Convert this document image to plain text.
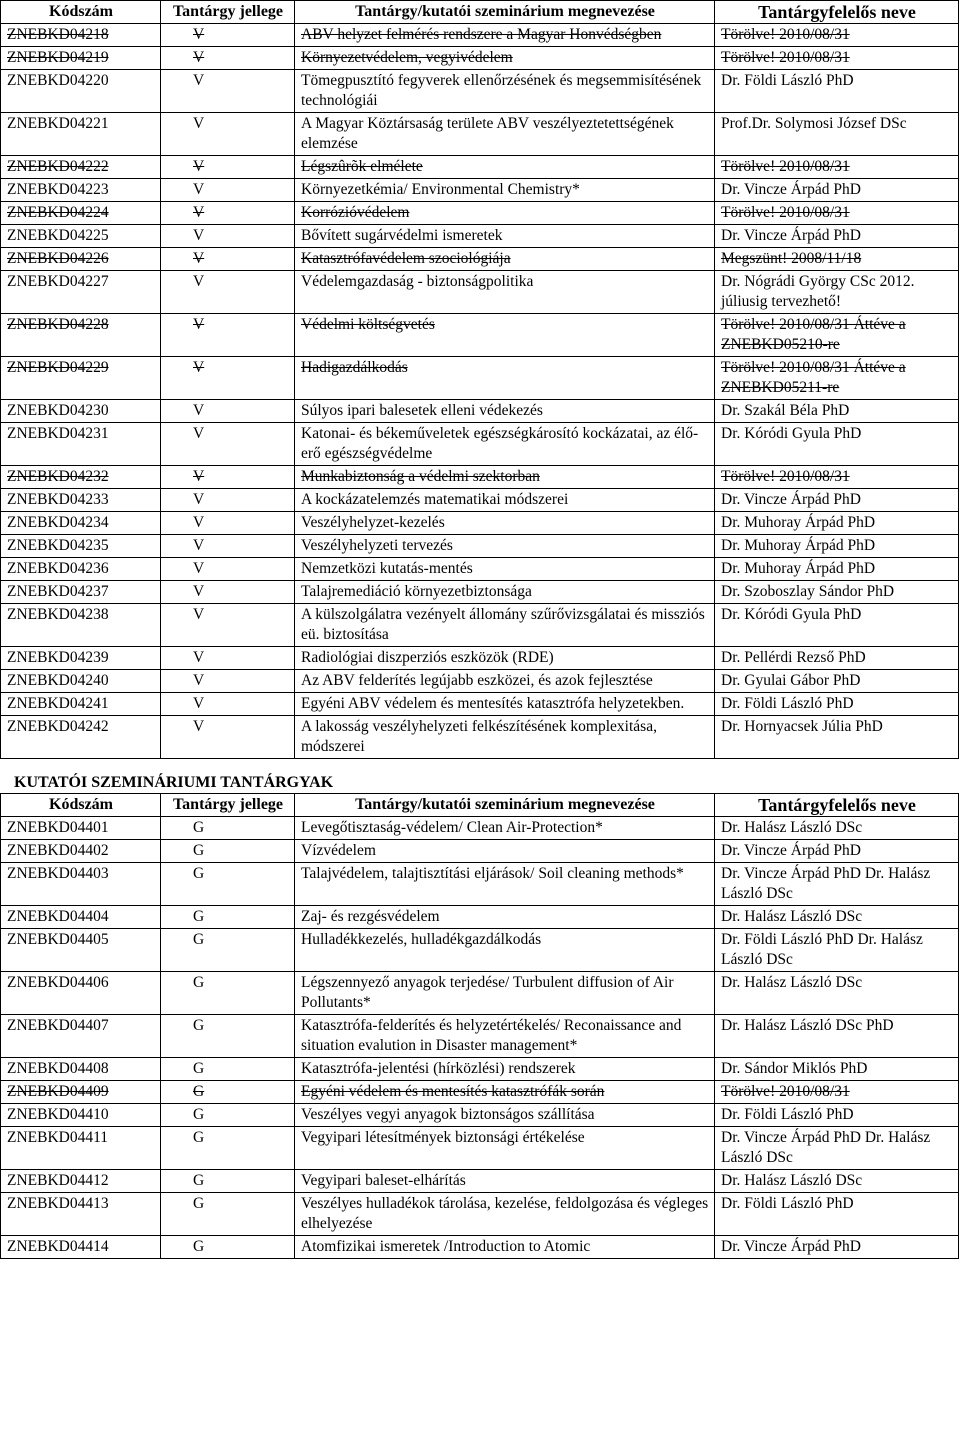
Kódszám	Tantárgy jellege	Tantárgy/kutatói szeminárium megnevezése	Tantárgyfelelős neve
ZNEBKD04218	V	ABV helyzet felmérés rendszere a Magyar Honvédségben	Törölve! 2010/08/31
ZNEBKD04219	V	Környezetvédelem, vegyivédelem	Törölve! 2010/08/31
ZNEBKD04220	V	Tömegpusztító fegyverek ellenőrzésének és megsemmisítésének technológiái	Dr. Földi László PhD
ZNEBKD04221	V	A Magyar Köztársaság területe ABV veszélyeztetettségének elemzése	Prof.Dr. Solymosi József DSc
ZNEBKD04222	V	Légszûrõk elmélete	Törölve! 2010/08/31
ZNEBKD04223	V	Környezetkémia/ Environmental Chemistry*	Dr. Vincze Árpád PhD
ZNEBKD04224	V	Korrózióvédelem	Törölve! 2010/08/31
ZNEBKD04225	V	Bővített sugárvédelmi ismeretek	Dr. Vincze Árpád PhD
ZNEBKD04226	V	Katasztrófavédelem szociológiája	Megszünt! 2008/11/18
ZNEBKD04227	V	Védelemgazdaság - biztonságpolitika	Dr. Nógrádi György CSc 2012. júliusig tervezhető!
ZNEBKD04228	V	Védelmi költségvetés	Törölve! 2010/08/31 Áttéve a ZNEBKD05210-re
ZNEBKD04229	V	Hadigazdálkodás	Törölve! 2010/08/31 Áttéve a ZNEBKD05211-re
ZNEBKD04230	V	Súlyos ipari balesetek elleni védekezés	Dr. Szakál Béla PhD
ZNEBKD04231	V	Katonai- és békeműveletek egészségkárosító kockázatai, az élő-erő egészségvédelme	Dr. Kóródi Gyula PhD
ZNEBKD04232	V	Munkabiztonság a védelmi szektorban	Törölve! 2010/08/31
ZNEBKD04233	V	A kockázatelemzés matematikai módszerei	Dr. Vincze Árpád PhD
ZNEBKD04234	V	Veszélyhelyzet-kezelés	Dr. Muhoray Árpád PhD
ZNEBKD04235	V	Veszélyhelyzeti tervezés	Dr. Muhoray Árpád PhD
ZNEBKD04236	V	Nemzetközi kutatás-mentés	Dr. Muhoray Árpád PhD
ZNEBKD04237	V	Talajremediáció környezetbiztonsága	Dr. Szoboszlay Sándor PhD
ZNEBKD04238	V	A külszolgálatra vezényelt állomány szűrővizsgálatai és missziós eü. biztosítása	Dr. Kóródi Gyula PhD
ZNEBKD04239	V	Radiológiai diszperziós eszközök (RDE)	Dr. Pellérdi Rezső PhD
ZNEBKD04240	V	Az ABV felderítés legújabb eszközei, és azok fejlesztése	Dr. Gyulai Gábor PhD
ZNEBKD04241	V	Egyéni ABV védelem és mentesítés katasztrófa helyzetekben.	Dr. Földi László PhD
ZNEBKD04242	V	A lakosság veszélyhelyzeti felkészítésének komplexitása, módszerei	Dr. Hornyacsek Júlia PhD
KUTATÓI SZEMINÁRIUMI TANTÁRGYAK
Kódszám	Tantárgy jellege	Tantárgy/kutatói szeminárium megnevezése	Tantárgyfelelős neve
ZNEBKD04401	G	Levegőtisztaság-védelem/ Clean Air-Protection*	Dr. Halász László DSc
ZNEBKD04402	G	Vízvédelem	Dr. Vincze Árpád PhD
ZNEBKD04403	G	Talajvédelem, talajtisztítási eljárások/ Soil cleaning methods*	Dr. Vincze Árpád PhD Dr. Halász László DSc
ZNEBKD04404	G	Zaj- és rezgésvédelem	Dr. Halász László DSc
ZNEBKD04405	G	Hulladékkezelés, hulladékgazdálkodás	Dr. Földi László PhD Dr. Halász László DSc
ZNEBKD04406	G	Légszennyező anyagok terjedése/ Turbulent diffusion of Air Pollutants*	Dr. Halász László DSc
ZNEBKD04407	G	Katasztrófa-felderítés és helyzetértékelés/ Reconaissance and situation evalution in Disaster management*	Dr. Halász László DSc PhD
ZNEBKD04408	G	Katasztrófa-jelentési (hírközlési) rendszerek	Dr. Sándor Miklós PhD
ZNEBKD04409	G	Egyéni védelem és mentesítés katasztrófák során	Törölve! 2010/08/31
ZNEBKD04410	G	Veszélyes vegyi anyagok biztonságos szállítása	Dr. Földi László PhD
ZNEBKD04411	G	Vegyipari létesítmények biztonsági értékelése	Dr. Vincze Árpád PhD Dr. Halász László DSc
ZNEBKD04412	G	Vegyipari baleset-elhárítás	Dr. Halász László DSc
ZNEBKD04413	G	Veszélyes hulladékok tárolása, kezelése, feldolgozása és végleges elhelyezése	Dr. Földi László PhD
ZNEBKD04414	G	Atomfizikai ismeretek /Introduction to Atomic	Dr. Vincze Árpád PhD
